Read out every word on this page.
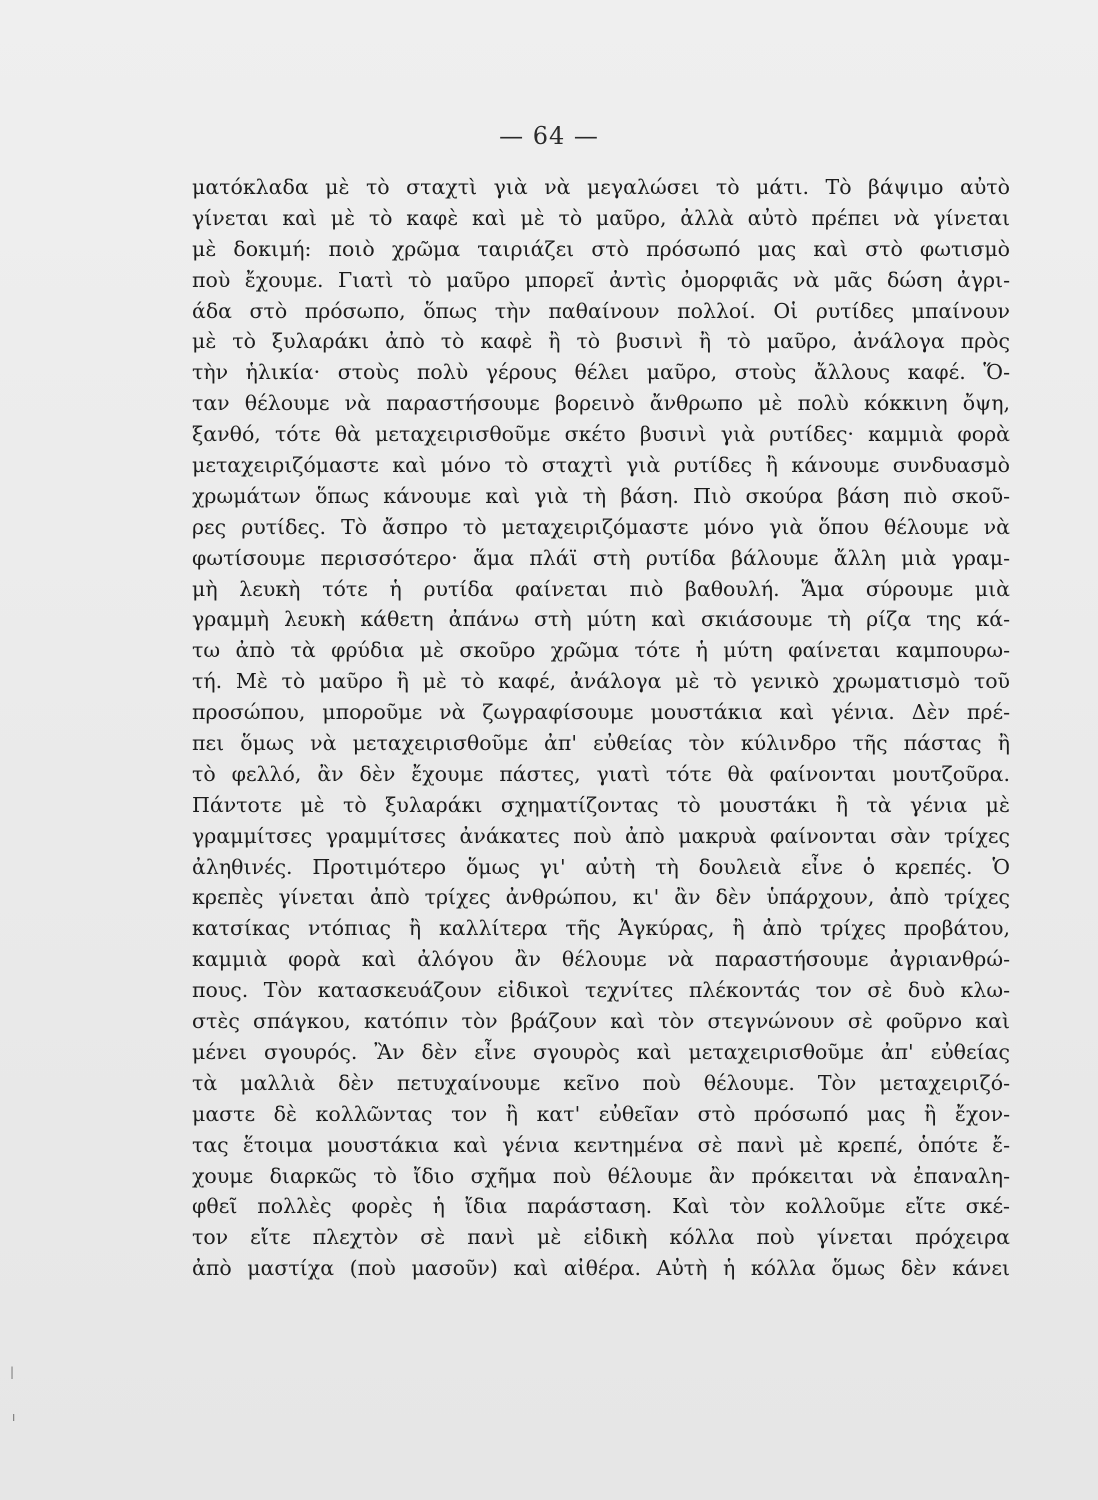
— 64 —
ματόκλαδα μὲ τὸ σταχτὶ γιὰ νὰ μεγαλώσει τὸ μάτι. Τὸ βάψιμο αὐτὸ
γίνεται καὶ μὲ τὸ καφὲ καὶ μὲ τὸ μαῦρο, ἀλλὰ αὐτὸ πρέπει νὰ γίνεται
μὲ δοκιμή: ποιὸ χρῶμα ταιριάζει στὸ πρόσωπό μας καὶ στὸ φωτισμὸ
ποὺ ἔχουμε. Γιατὶ τὸ μαῦρο μπορεῖ ἀντὶς ὀμορφιᾶς νὰ μᾶς δώση ἀγρι-
άδα στὸ πρόσωπο, ὅπως τὴν παθαίνουν πολλοί. Οἱ ρυτίδες μπαίνουν
μὲ τὸ ξυλαράκι ἀπὸ τὸ καφὲ ἢ τὸ βυσινὶ ἢ τὸ μαῦρο, ἀνάλογα πρὸς
τὴν ἡλικία· στοὺς πολὺ γέρους θέλει μαῦρο, στοὺς ἄλλους καφέ. Ὅ-
ταν θέλουμε νὰ παραστήσουμε βορεινὸ ἄνθρωπο μὲ πολὺ κόκκινη ὄψη,
ξανθό, τότε θὰ μεταχειρισθοῦμε σκέτο βυσινὶ γιὰ ρυτίδες· καμμιὰ φορὰ
μεταχειριζόμαστε καὶ μόνο τὸ σταχτὶ γιὰ ρυτίδες ἢ κάνουμε συνδυασμὸ
χρωμάτων ὅπως κάνουμε καὶ γιὰ τὴ βάση. Πιὸ σκούρα βάση πιὸ σκοῦ-
ρες ρυτίδες. Τὸ ἄσπρο τὸ μεταχειριζόμαστε μόνο γιὰ ὅπου θέλουμε νὰ
φωτίσουμε περισσότερο· ἅμα πλάϊ στὴ ρυτίδα βάλουμε ἄλλη μιὰ γραμ-
μὴ λευκὴ τότε ἡ ρυτίδα φαίνεται πιὸ βαθουλή. Ἅμα σύρουμε μιὰ
γραμμὴ λευκὴ κάθετη ἀπάνω στὴ μύτη καὶ σκιάσουμε τὴ ρίζα της κά-
τω ἀπὸ τὰ φρύδια μὲ σκοῦρο χρῶμα τότε ἡ μύτη φαίνεται καμπουρω-
τή. Μὲ τὸ μαῦρο ἢ μὲ τὸ καφέ, ἀνάλογα μὲ τὸ γενικὸ χρωματισμὸ τοῦ
προσώπου, μποροῦμε νὰ ζωγραφίσουμε μουστάκια καὶ γένια. Δὲν πρέ-
πει ὅμως νὰ μεταχειρισθοῦμε ἀπ' εὐθείας τὸν κύλινδρο τῆς πάστας ἢ
τὸ φελλό, ἂν δὲν ἔχουμε πάστες, γιατὶ τότε θὰ φαίνονται μουτζοῦρα.
Πάντοτε μὲ τὸ ξυλαράκι σχηματίζοντας τὸ μουστάκι ἢ τὰ γένια μὲ
γραμμίτσες γραμμίτσες ἀνάκατες ποὺ ἀπὸ μακρυὰ φαίνονται σὰν τρίχες
ἀληθινές. Προτιμότερο ὅμως γι' αὐτὴ τὴ δουλειὰ εἶνε ὁ κρεπές. Ὁ
κρεπὲς γίνεται ἀπὸ τρίχες ἀνθρώπου, κι' ἂν δὲν ὑπάρχουν, ἀπὸ τρίχες
κατσίκας ντόπιας ἢ καλλίτερα τῆς Ἀγκύρας, ἢ ἀπὸ τρίχες προβάτου,
καμμιὰ φορὰ καὶ ἀλόγου ἂν θέλουμε νὰ παραστήσουμε ἀγριανθρώ-
πους. Τὸν κατασκευάζουν εἰδικοὶ τεχνίτες πλέκοντάς τον σὲ δυὸ κλω-
στὲς σπάγκου, κατόπιν τὸν βράζουν καὶ τὸν στεγνώνουν σὲ φοῦρνο καὶ
μένει σγουρός. Ἂν δὲν εἶνε σγουρὸς καὶ μεταχειρισθοῦμε ἀπ' εὐθείας
τὰ μαλλιὰ δὲν πετυχαίνουμε κεῖνο ποὺ θέλουμε. Τὸν μεταχειριζό-
μαστε δὲ κολλῶντας τον ἢ κατ' εὐθεῖαν στὸ πρόσωπό μας ἢ ἔχον-
τας ἕτοιμα μουστάκια καὶ γένια κεντημένα σὲ πανὶ μὲ κρεπέ, ὁπότε ἔ-
χουμε διαρκῶς τὸ ἴδιο σχῆμα ποὺ θέλουμε ἂν πρόκειται νὰ ἐπαναλη-
φθεῖ πολλὲς φορὲς ἡ ἴδια παράσταση. Καὶ τὸν κολλοῦμε εἴτε σκέ-
τον εἴτε πλεχτὸν σὲ πανὶ μὲ εἰδικὴ κόλλα ποὺ γίνεται πρόχειρα
ἀπὸ μαστίχα (ποὺ μασοῦν) καὶ αἰθέρα. Αὐτὴ ἡ κόλλα ὅμως δὲν κάνει
|
ı
